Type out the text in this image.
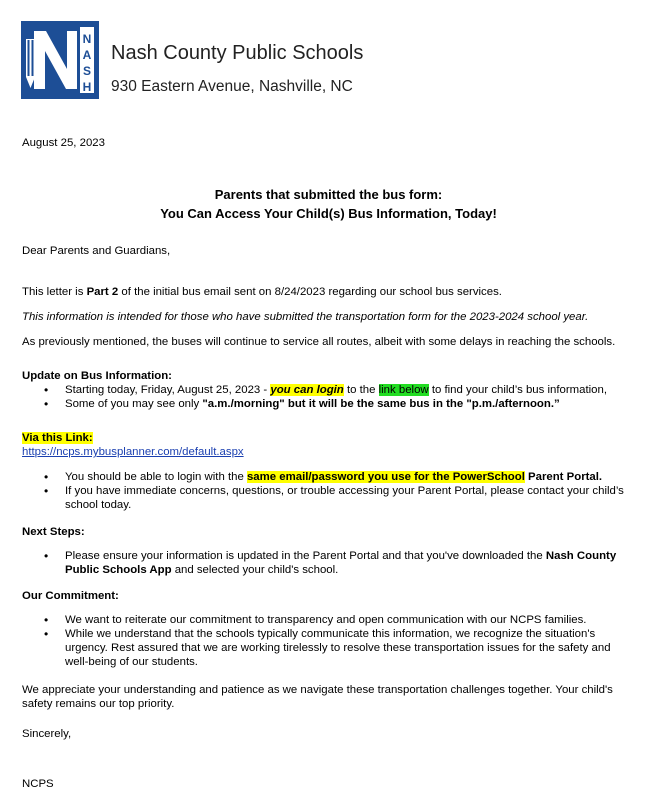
N
A
S
H
Nash County Public Schools
930 Eastern Avenue, Nashville, NC
August 25, 2023
Parents that submitted the bus form:
You Can Access Your Child(s) Bus Information, Today!
Dear Parents and Guardians,
This letter is Part 2 of the initial bus email sent on 8/24/2023 regarding our school bus services.
This information is intended for those who have submitted the transportation form for the 2023-2024 school year.
As previously mentioned, the buses will continue to service all routes, albeit with some delays in reaching the schools.
Update on Bus Information:
• Starting today, Friday, August 25, 2023 - you can login to the link below to find your child’s bus information,
• Some of you may see only "a.m./morning" but it will be the same bus in the "p.m./afternoon.”
Via this Link:
https://ncps.mybusplanner.com/default.aspx
• You should be able to login with the same email/password you use for the PowerSchool Parent Portal.
• If you have immediate concerns, questions, or trouble accessing your Parent Portal, please contact your child’s
school today.
Next Steps:
• Please ensure your information is updated in the Parent Portal and that you've downloaded the Nash County
Public Schools App and selected your child's school.
Our Commitment:
• We want to reiterate our commitment to transparency and open communication with our NCPS families.
• While we understand that the schools typically communicate this information, we recognize the situation's
urgency. Rest assured that we are working tirelessly to resolve these transportation issues for the safety and
well-being of our students.
We appreciate your understanding and patience as we navigate these transportation challenges together. Your child's
safety remains our top priority.
Sincerely,
NCPS
